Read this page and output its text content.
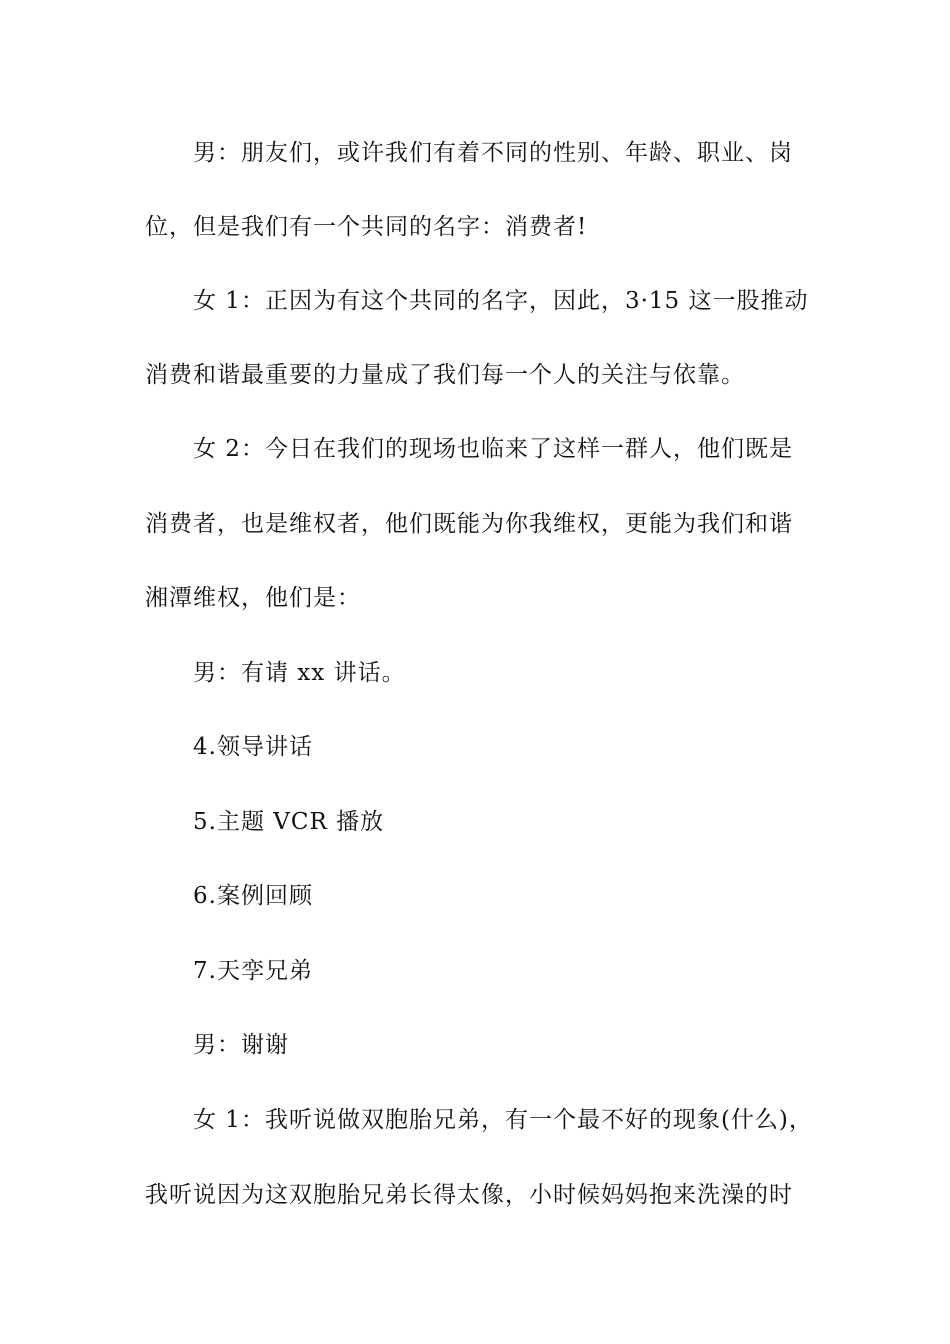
男：朋友们，或许我们有着不同的性别、年龄、职业、岗
位，但是我们有一个共同的名字：消费者!
女 1：正因为有这个共同的名字，因此，3·15 这一股推动
消费和谐最重要的力量成了我们每一个人的关注与依靠。
女 2：今日在我们的现场也临来了这样一群人，他们既是
消费者，也是维权者，他们既能为你我维权，更能为我们和谐
湘潭维权，他们是：
男：有请 xx 讲话。
4.领导讲话
5.主题 VCR 播放
6.案例回顾
7.天孪兄弟
男：谢谢
女 1：我听说做双胞胎兄弟，有一个最不好的现象(什么)，
我听说因为这双胞胎兄弟长得太像，小时候妈妈抱来洗澡的时
